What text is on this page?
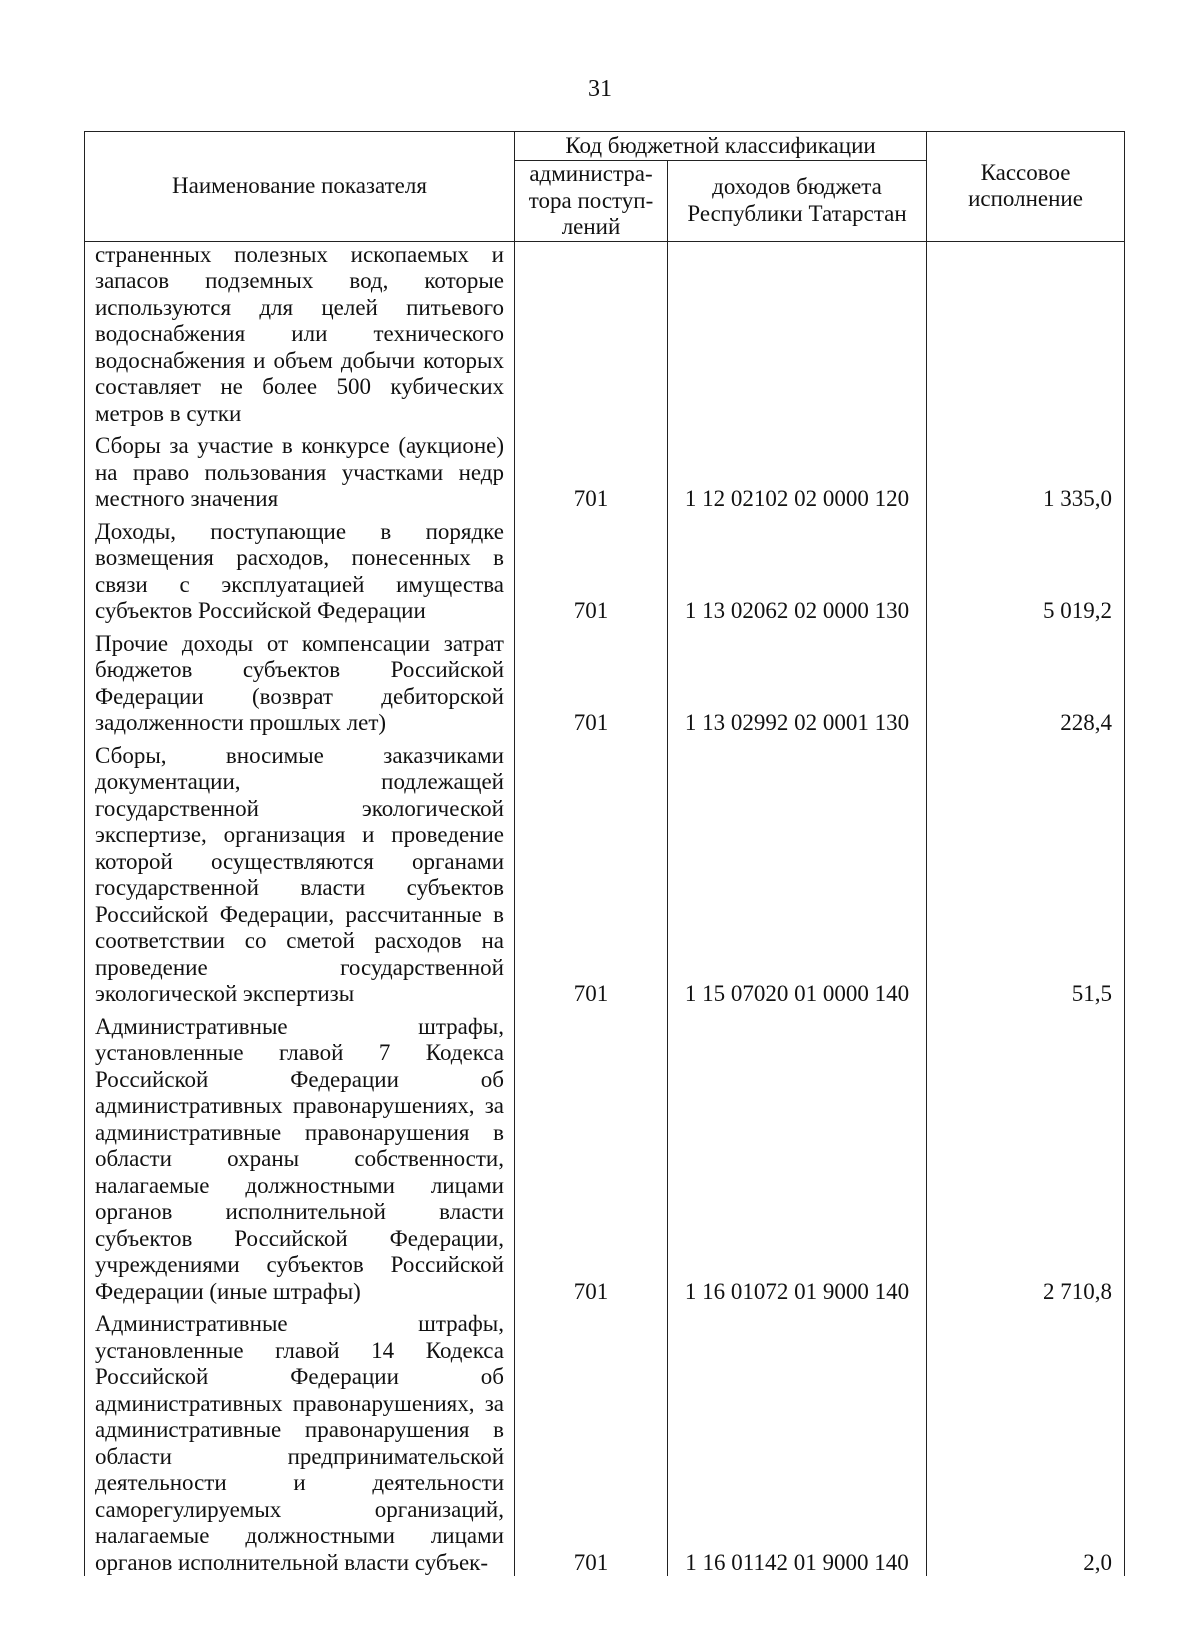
31
Наименование показателя	Код бюджетной классификации		Кассовое исполнение
	администра-тора поступ-лений	доходов бюджета Республики Татарстан	
страненных полезных ископаемых и запасов подземных вод, которые используются для целей питьевого водоснабжения или технического водоснабжения и объем добычи которых составляет не более 500 кубических метров в сутки			
Сборы за участие в конкурсе (аукционе) на право пользования участками недр местного значения	701	1 12 02102 02 0000 120	1 335,0
Доходы, поступающие в порядке возмещения расходов, понесенных в связи с эксплуатацией имущества субъектов Российской Федерации	701	1 13 02062 02 0000 130	5 019,2
Прочие доходы от компенсации затрат бюджетов субъектов Российской Федерации (возврат дебиторской задолженности прошлых лет)	701	1 13 02992 02 0001 130	228,4
Сборы, вносимые заказчиками документации, подлежащей государственной экологической экспертизе, организация и проведение которой осуществляются органами государственной власти субъектов Российской Федерации, рассчитанные в соответствии со сметой расходов на проведение государственной экологической экспертизы	701	1 15 07020 01 0000 140	51,5
Административные штрафы, установленные главой 7 Кодекса Российской Федерации об административных правонарушениях, за административные правонарушения в области охраны собственности, налагаемые должностными лицами органов исполнительной власти субъектов Российской Федерации, учреждениями субъектов Российской Федерации (иные штрафы)	701	1 16 01072 01 9000 140	2 710,8
Административные штрафы, установленные главой 14 Кодекса Российской Федерации об административных правонарушениях, за административные правонарушения в области предпринимательской деятельности и деятельности саморегулируемых организаций, налагаемые должностными лицами органов исполнительной власти субъек-	701	1 16 01142 01 9000 140	2,0
